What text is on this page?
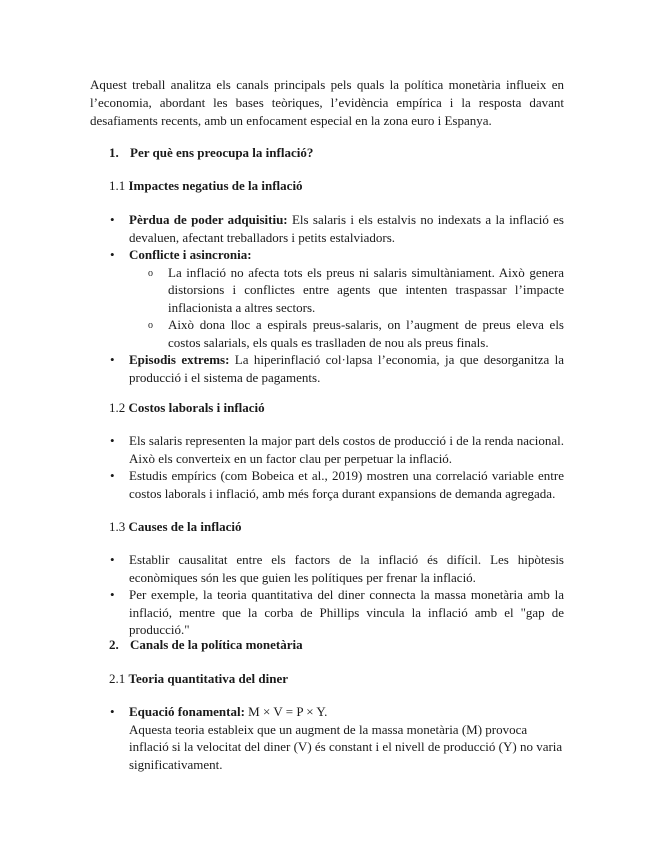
Aquest treball analitza els canals principals pels quals la política monetària influeix en l’economia, abordant les bases teòriques, l’evidència empírica i la resposta davant desafiaments recents, amb un enfocament especial en la zona euro i Espanya.

1. Per què ens preocupa la inflació?
1.1 Impactes negatius de la inflació
• Pèrdua de poder adquisitiu: Els salaris i els estalvis no indexats a la inflació es devaluen, afectant treballadors i petits estalviadors.
• Conflicte i asincronia:
o La inflació no afecta tots els preus ni salaris simultàniament. Això genera distorsions i conflictes entre agents que intenten traspassar l’impacte inflacionista a altres sectors.
o Això dona lloc a espirals preus-salaris, on l’augment de preus eleva els costos salarials, els quals es traslladen de nou als preus finals.
• Episodis extrems: La hiperinflació col·lapsa l’economia, ja que desorganitza la producció i el sistema de pagaments.
1.2 Costos laborals i inflació
• Els salaris representen la major part dels costos de producció i de la renda nacional. Això els converteix en un factor clau per perpetuar la inflació.
• Estudis empírics (com Bobeica et al., 2019) mostren una correlació variable entre costos laborals i inflació, amb més força durant expansions de demanda agregada.
1.3 Causes de la inflació
• Establir causalitat entre els factors de la inflació és difícil. Les hipòtesis econòmiques són les que guien les polítiques per frenar la inflació.
• Per exemple, la teoria quantitativa del diner connecta la massa monetària amb la inflació, mentre que la corba de Phillips vincula la inflació amb el "gap de producció."
2. Canals de la política monetària
2.1 Teoria quantitativa del diner
• Equació fonamental: M × V = P × Y.
Aquesta teoria estableix que un augment de la massa monetària (M) provoca inflació si la velocitat del diner (V) és constant i el nivell de producció (Y) no varia significativament.
